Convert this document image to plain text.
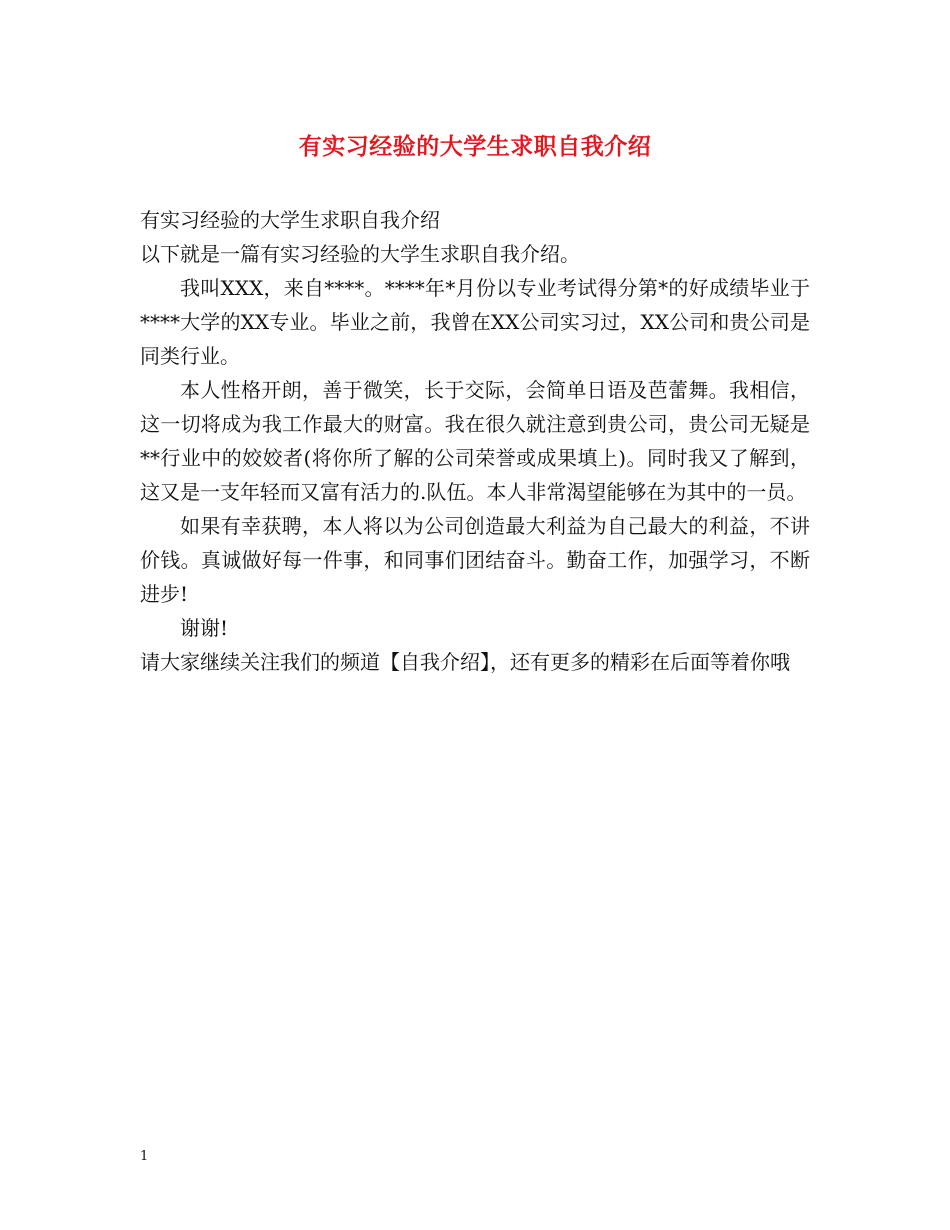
有实习经验的大学生求职自我介绍

有实习经验的大学生求职自我介绍

以下就是一篇有实习经验的大学生求职自我介绍。

我叫XXX，来自****。****年*月份以专业考试得分第*的好成绩毕业于****大学的XX专业。毕业之前，我曾在XX公司实习过，XX公司和贵公司是同类行业。

本人性格开朗，善于微笑，长于交际，会简单日语及芭蕾舞。我相信，这一切将成为我工作最大的财富。我在很久就注意到贵公司，贵公司无疑是**行业中的姣姣者(将你所了解的公司荣誉或成果填上)。同时我又了解到，这又是一支年轻而又富有活力的.队伍。本人非常渴望能够在为其中的一员。

如果有幸获聘，本人将以为公司创造最大利益为自己最大的利益，不讲价钱。真诚做好每一件事，和同事们团结奋斗。勤奋工作，加强学习，不断进步!

谢谢!

请大家继续关注我们的频道【自我介绍】，还有更多的精彩在后面等着你哦

1
